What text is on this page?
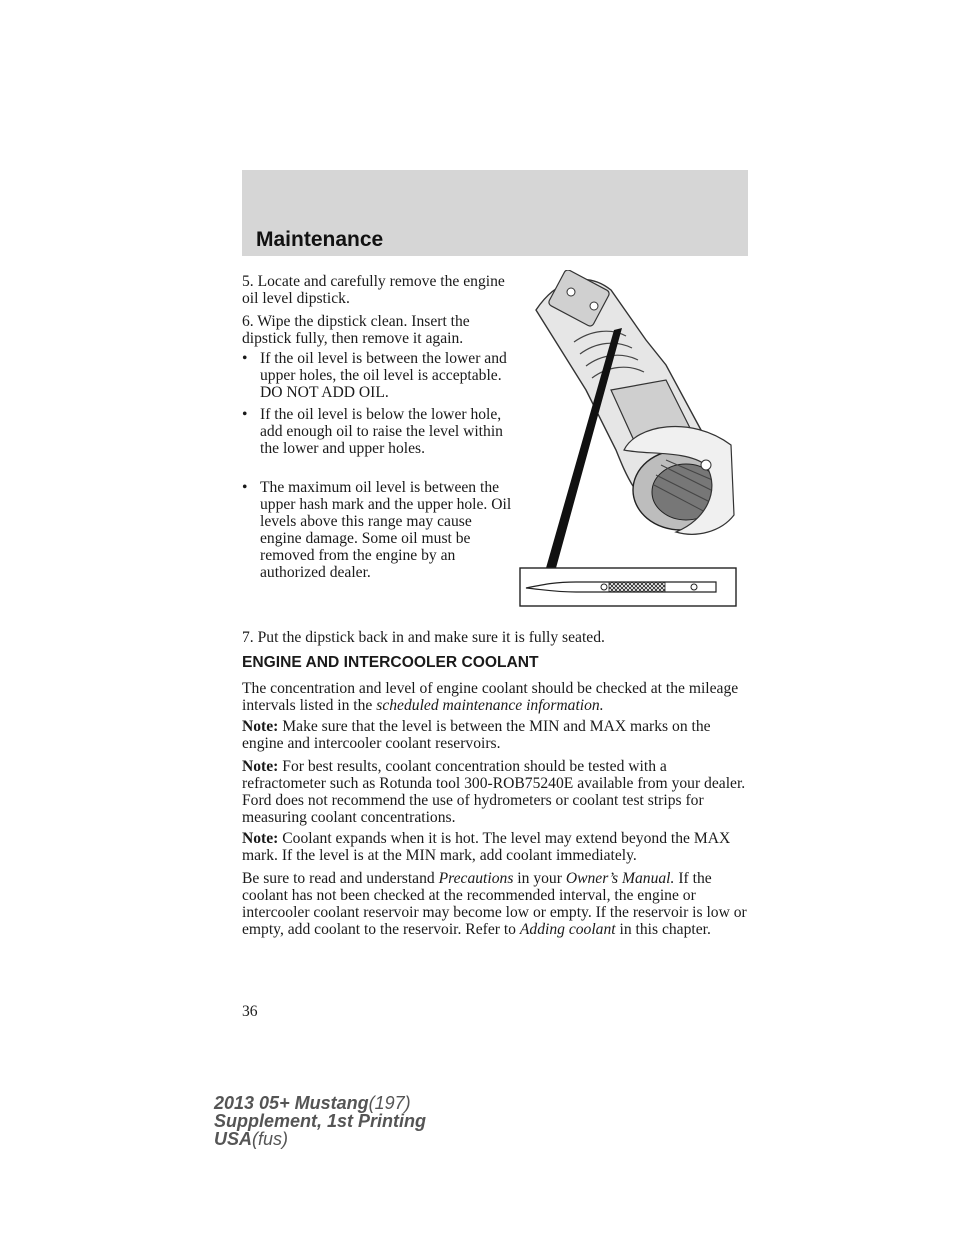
Maintenance

5. Locate and carefully remove the engine oil level dipstick.

6. Wipe the dipstick clean. Insert the dipstick fully, then remove it again.

• If the oil level is between the lower and upper holes, the oil level is acceptable. DO NOT ADD OIL.
• If the oil level is below the lower hole, add enough oil to raise the level within the lower and upper holes.
• The maximum oil level is between the upper hash mark and the upper hole. Oil levels above this range may cause engine damage. Some oil must be removed from the engine by an authorized dealer.

7. Put the dipstick back in and make sure it is fully seated.

ENGINE AND INTERCOOLER COOLANT

The concentration and level of engine coolant should be checked at the mileage intervals listed in the scheduled maintenance information.

Note: Make sure that the level is between the MIN and MAX marks on the engine and intercooler coolant reservoirs.

Note: For best results, coolant concentration should be tested with a refractometer such as Rotunda tool 300-ROB75240E available from your dealer. Ford does not recommend the use of hydrometers or coolant test strips for measuring coolant concentrations.

Note: Coolant expands when it is hot. The level may extend beyond the MAX mark. If the level is at the MIN mark, add coolant immediately.

Be sure to read and understand Precautions in your Owner’s Manual. If the coolant has not been checked at the recommended interval, the engine or intercooler coolant reservoir may become low or empty. If the reservoir is low or empty, add coolant to the reservoir. Refer to Adding coolant in this chapter.

36

2013 05+ Mustang(197)
Supplement, 1st Printing
USA(fus)
